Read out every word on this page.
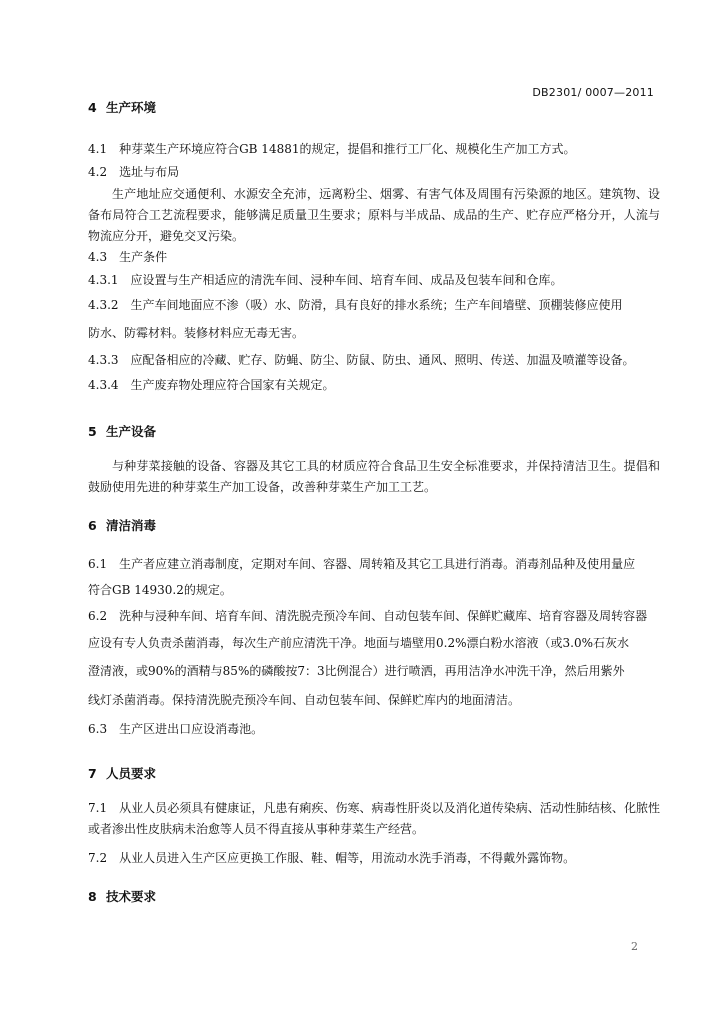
DB2301/ 0007—2011
4 生产环境
4.1　种芽菜生产环境应符合GB 14881的规定，提倡和推行工厂化、规模化生产加工方式。
4.2　选址与布局
生产地址应交通便利、水源安全充沛，远离粉尘、烟雾、有害气体及周围有污染源的地区。建筑物、设备布局符合工艺流程要求，能够满足质量卫生要求；原料与半成品、成品的生产、贮存应严格分开，人流与物流应分开，避免交叉污染。
4.3　生产条件
4.3.1　应设置与生产相适应的清洗车间、浸种车间、培育车间、成品及包装车间和仓库。
4.3.2　生产车间地面应不渗（吸）水、防滑，具有良好的排水系统；生产车间墙壁、顶棚装修应使用
防水、防霉材料。装修材料应无毒无害。
4.3.3　应配备相应的冷藏、贮存、防蝇、防尘、防鼠、防虫、通风、照明、传送、加温及喷灌等设备。
4.3.4　生产废弃物处理应符合国家有关规定。
5 生产设备
与种芽菜接触的设备、容器及其它工具的材质应符合食品卫生安全标准要求，并保持清洁卫生。提倡和鼓励使用先进的种芽菜生产加工设备，改善种芽菜生产加工工艺。
6 清洁消毒
6.1　生产者应建立消毒制度，定期对车间、容器、周转箱及其它工具进行消毒。消毒剂品种及使用量应
符合GB 14930.2的规定。
6.2　洗种与浸种车间、培育车间、清洗脱壳预冷车间、自动包装车间、保鲜贮藏库、培育容器及周转容器
应设有专人负责杀菌消毒，每次生产前应清洗干净。地面与墙壁用0.2%漂白粉水溶液（或3.0%石灰水
澄清液，或90%的酒精与85%的磷酸按7：3比例混合）进行喷洒，再用洁净水冲洗干净，然后用紫外
线灯杀菌消毒。保持清洗脱壳预冷车间、自动包装车间、保鲜贮库内的地面清洁。
6.3　生产区进出口应设消毒池。
7 人员要求
7.1　从业人员必须具有健康证，凡患有痢疾、伤寒、病毒性肝炎以及消化道传染病、活动性肺结核、化脓性或者渗出性皮肤病未治愈等人员不得直接从事种芽菜生产经营。
7.2　从业人员进入生产区应更换工作服、鞋、帽等，用流动水洗手消毒，不得戴外露饰物。
8 技术要求
2
